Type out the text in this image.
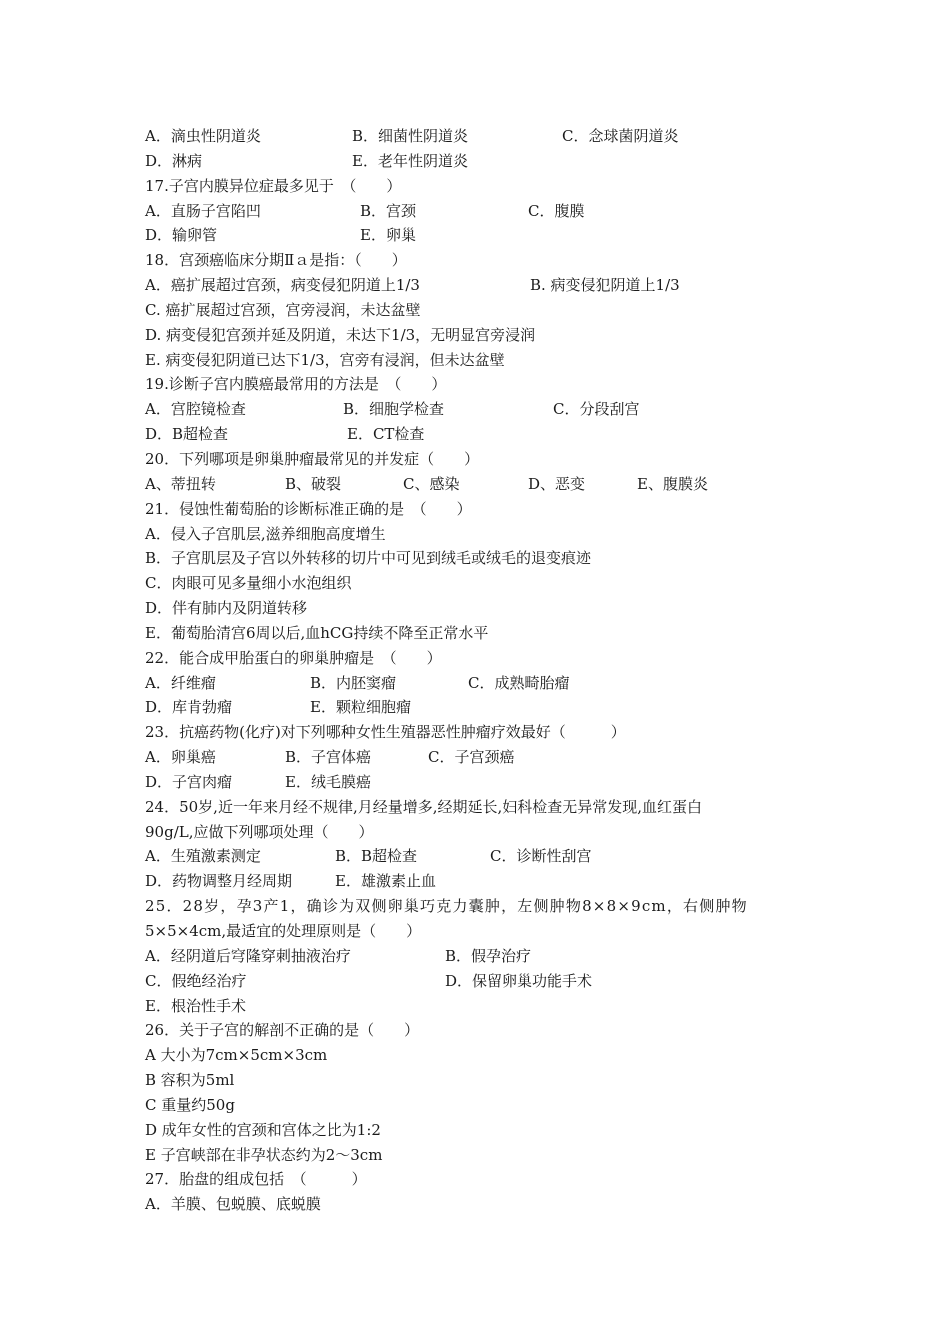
A．滴虫性阴道炎	B．细菌性阴道炎	C．念球菌阴道炎
D．淋病	E．老年性阴道炎
17.子宫内膜异位症最多见于　（　　）
A．直肠子宫陷凹	B．宫颈	C．腹膜
D．输卵管	E．卵巢
18．宫颈癌临床分期Ⅱａ是指：（　　）
A．癌扩展超过宫颈，病变侵犯阴道上1/3	B. 病变侵犯阴道上1/3
C. 癌扩展超过宫颈，宫旁浸润，未达盆壁
D. 病变侵犯宫颈并延及阴道，未达下1/3，无明显宫旁浸润
E. 病变侵犯阴道已达下1/3，宫旁有浸润，但未达盆壁
19.诊断子宫内膜癌最常用的方法是　（　　）
A．宫腔镜检查	B．细胞学检查	C．分段刮宫
D．B超检查	E．CT检查
20．下列哪项是卵巢肿瘤最常见的并发症（　　）
A、蒂扭转	B、破裂	C、感染	D、恶变	E、腹膜炎
21．侵蚀性葡萄胎的诊断标准正确的是　（　　）
A．侵入子宫肌层,滋养细胞高度增生
B．子宫肌层及子宫以外转移的切片中可见到绒毛或绒毛的退变痕迹
C．肉眼可见多量细小水泡组织
D．伴有肺内及阴道转移
E．葡萄胎清宫6周以后,血hCG持续不降至正常水平
22．能合成甲胎蛋白的卵巢肿瘤是　（　　）
A．纤维瘤	B．内胚窦瘤	C．成熟畸胎瘤
D．库肯勃瘤	E．颗粒细胞瘤
23．抗癌药物(化疗)对下列哪种女性生殖器恶性肿瘤疗效最好（　　　）
A．卵巢癌	B．子宫体癌	C．子宫颈癌
D．子宫肉瘤	E．绒毛膜癌
24．50岁,近一年来月经不规律,月经量增多,经期延长,妇科检查无异常发现,血红蛋白
90g/L,应做下列哪项处理（　　）
A．生殖激素测定	B．B超检查	C．诊断性刮宫
D．药物调整月经周期	E．雄激素止血
25．28岁，孕3产1，确诊为双侧卵巢巧克力囊肿，左侧肿物8×8×9cm，右侧肿物
5×5×4cm,最适宜的处理原则是（　　）
A．经阴道后穹隆穿刺抽液治疗	B．假孕治疗
C．假绝经治疗	D．保留卵巢功能手术
E．根治性手术
26．关于子宫的解剖不正确的是（　　）
A 大小为7cm×5cm×3cm
B 容积为5ml
C 重量约50g
D 成年女性的宫颈和宫体之比为1:2
E 子宫峡部在非孕状态约为2～3cm
27．胎盘的组成包括　（　　　）
A．羊膜、包蜕膜、底蜕膜
